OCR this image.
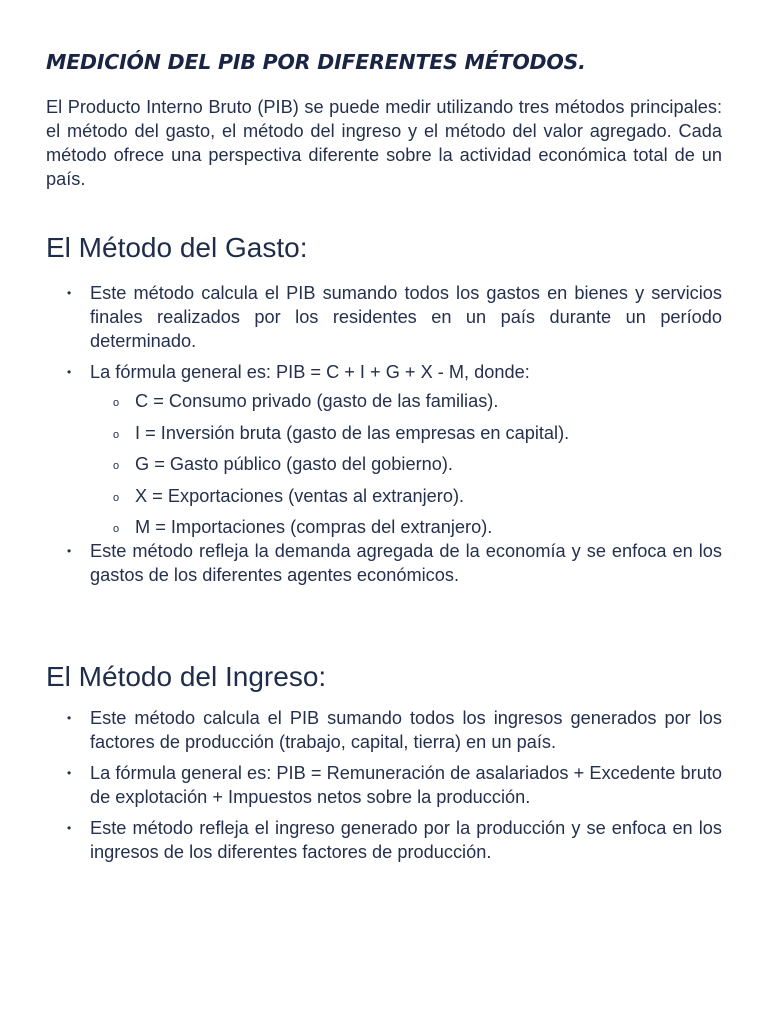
MEDICIÓN DEL PIB POR DIFERENTES MÉTODOS.

El Producto Interno Bruto (PIB) se puede medir utilizando tres métodos principales: el método del gasto, el método del ingreso y el método del valor agregado. Cada método ofrece una perspectiva diferente sobre la actividad económica total de un país.

El Método del Gasto:
• Este método calcula el PIB sumando todos los gastos en bienes y servicios finales realizados por los residentes en un país durante un período determinado.
• La fórmula general es: PIB = C + I + G + X - M, donde:
o C = Consumo privado (gasto de las familias).
o I = Inversión bruta (gasto de las empresas en capital).
o G = Gasto público (gasto del gobierno).
o X = Exportaciones (ventas al extranjero).
o M = Importaciones (compras del extranjero).
• Este método refleja la demanda agregada de la economía y se enfoca en los gastos de los diferentes agentes económicos.
El Método del Ingreso:
• Este método calcula el PIB sumando todos los ingresos generados por los factores de producción (trabajo, capital, tierra) en un país.
• La fórmula general es: PIB = Remuneración de asalariados + Excedente bruto de explotación + Impuestos netos sobre la producción.
• Este método refleja el ingreso generado por la producción y se enfoca en los ingresos de los diferentes factores de producción.
